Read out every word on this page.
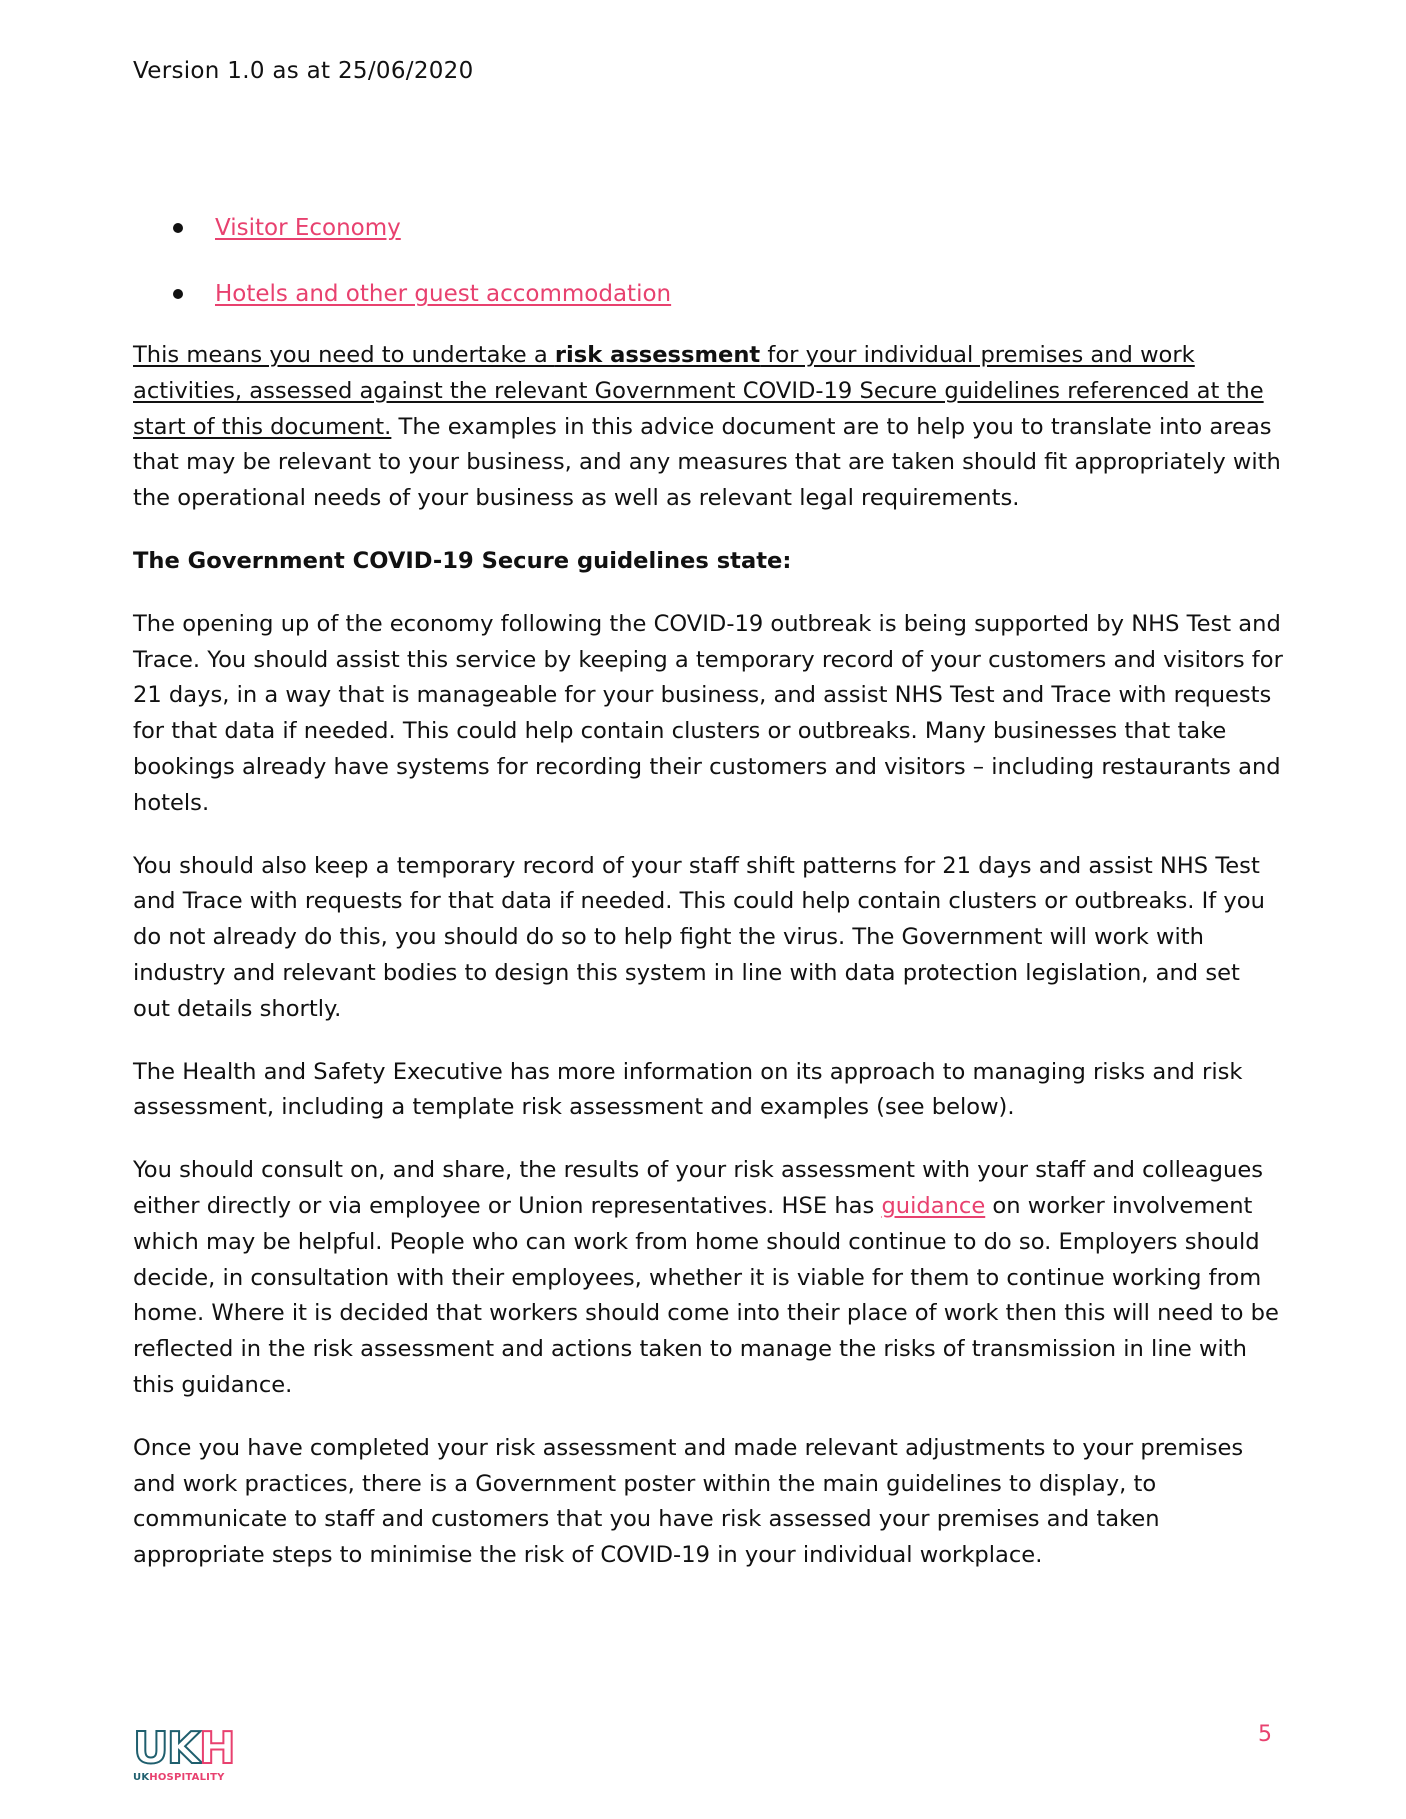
Version 1.0 as at 25/06/2020
Visitor Economy
Hotels and other guest accommodation

This means you need to undertake a risk assessment for your individual premises and work activities, assessed against the relevant Government COVID-19 Secure guidelines referenced at the start of this document. The examples in this advice document are to help you to translate into areas that may be relevant to your business, and any measures that are taken should fit appropriately with the operational needs of your business as well as relevant legal requirements.

The Government COVID-19 Secure guidelines state:

The opening up of the economy following the COVID-19 outbreak is being supported by NHS Test and Trace. You should assist this service by keeping a temporary record of your customers and visitors for 21 days, in a way that is manageable for your business, and assist NHS Test and Trace with requests for that data if needed. This could help contain clusters or outbreaks. Many businesses that take bookings already have systems for recording their customers and visitors – including restaurants and hotels.

You should also keep a temporary record of your staff shift patterns for 21 days and assist NHS Test and Trace with requests for that data if needed. This could help contain clusters or outbreaks. If you do not already do this, you should do so to help fight the virus. The Government will work with industry and relevant bodies to design this system in line with data protection legislation, and set out details shortly.

The Health and Safety Executive has more information on its approach to managing risks and risk assessment, including a template risk assessment and examples (see below).

You should consult on, and share, the results of your risk assessment with your staff and colleagues either directly or via employee or Union representatives. HSE has guidance on worker involvement which may be helpful. People who can work from home should continue to do so. Employers should decide, in consultation with their employees, whether it is viable for them to continue working from home. Where it is decided that workers should come into their place of work then this will need to be reflected in the risk assessment and actions taken to manage the risks of transmission in line with this guidance.

Once you have completed your risk assessment and made relevant adjustments to your premises and work practices, there is a Government poster within the main guidelines to display, to communicate to staff and customers that you have risk assessed your premises and taken appropriate steps to minimise the risk of COVID-19 in your individual workplace.

UK H
UKHOSPITALITY
5
